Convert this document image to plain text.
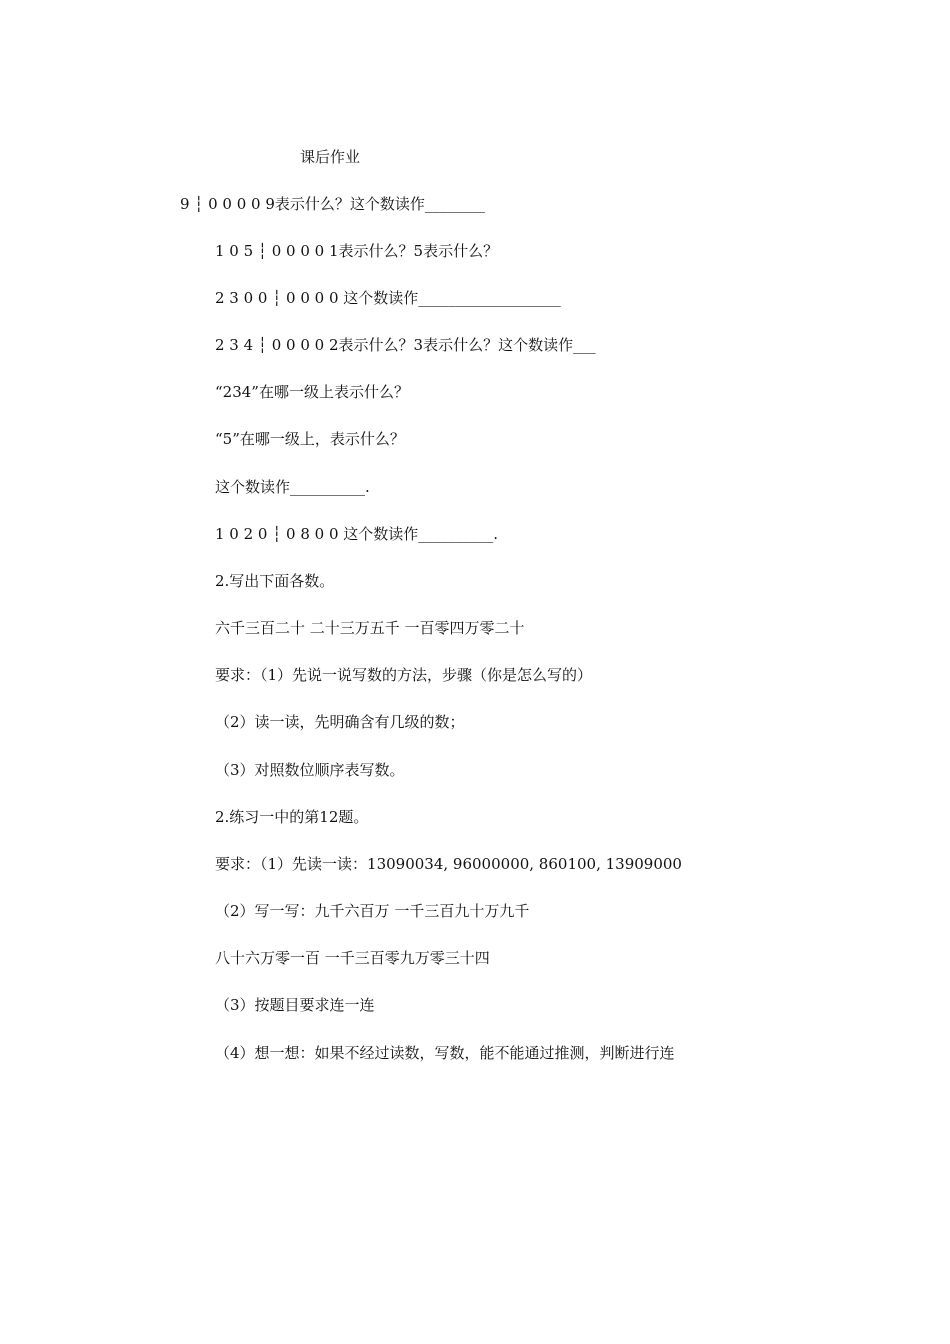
课后作业
9 ┆ 0 0 0 0 9表示什么？这个数读作________
1 0 5 ┆ 0 0 0 0 1表示什么？5表示什么？
2 3 0 0 ┆ 0 0 0 0 这个数读作___________________
2 3 4 ┆ 0 0 0 0 2表示什么？3表示什么？这个数读作___
“234”在哪一级上表示什么？
“5”在哪一级上，表示什么？
这个数读作__________.
1 0 2 0 ┆ 0 8 0 0 这个数读作__________.
2.写出下面各数。
六千三百二十 二十三万五千 一百零四万零二十
要求：（1）先说一说写数的方法，步骤（你是怎么写的）
（2）读一读，先明确含有几级的数；
（3）对照数位顺序表写数。
2.练习一中的第12题。
要求：（1）先读一读：13090034, 96000000, 860100, 13909000
（2）写一写：九千六百万 一千三百九十万九千
八十六万零一百 一千三百零九万零三十四
（3）按题目要求连一连
（4）想一想：如果不经过读数，写数，能不能通过推测，判断进行连
